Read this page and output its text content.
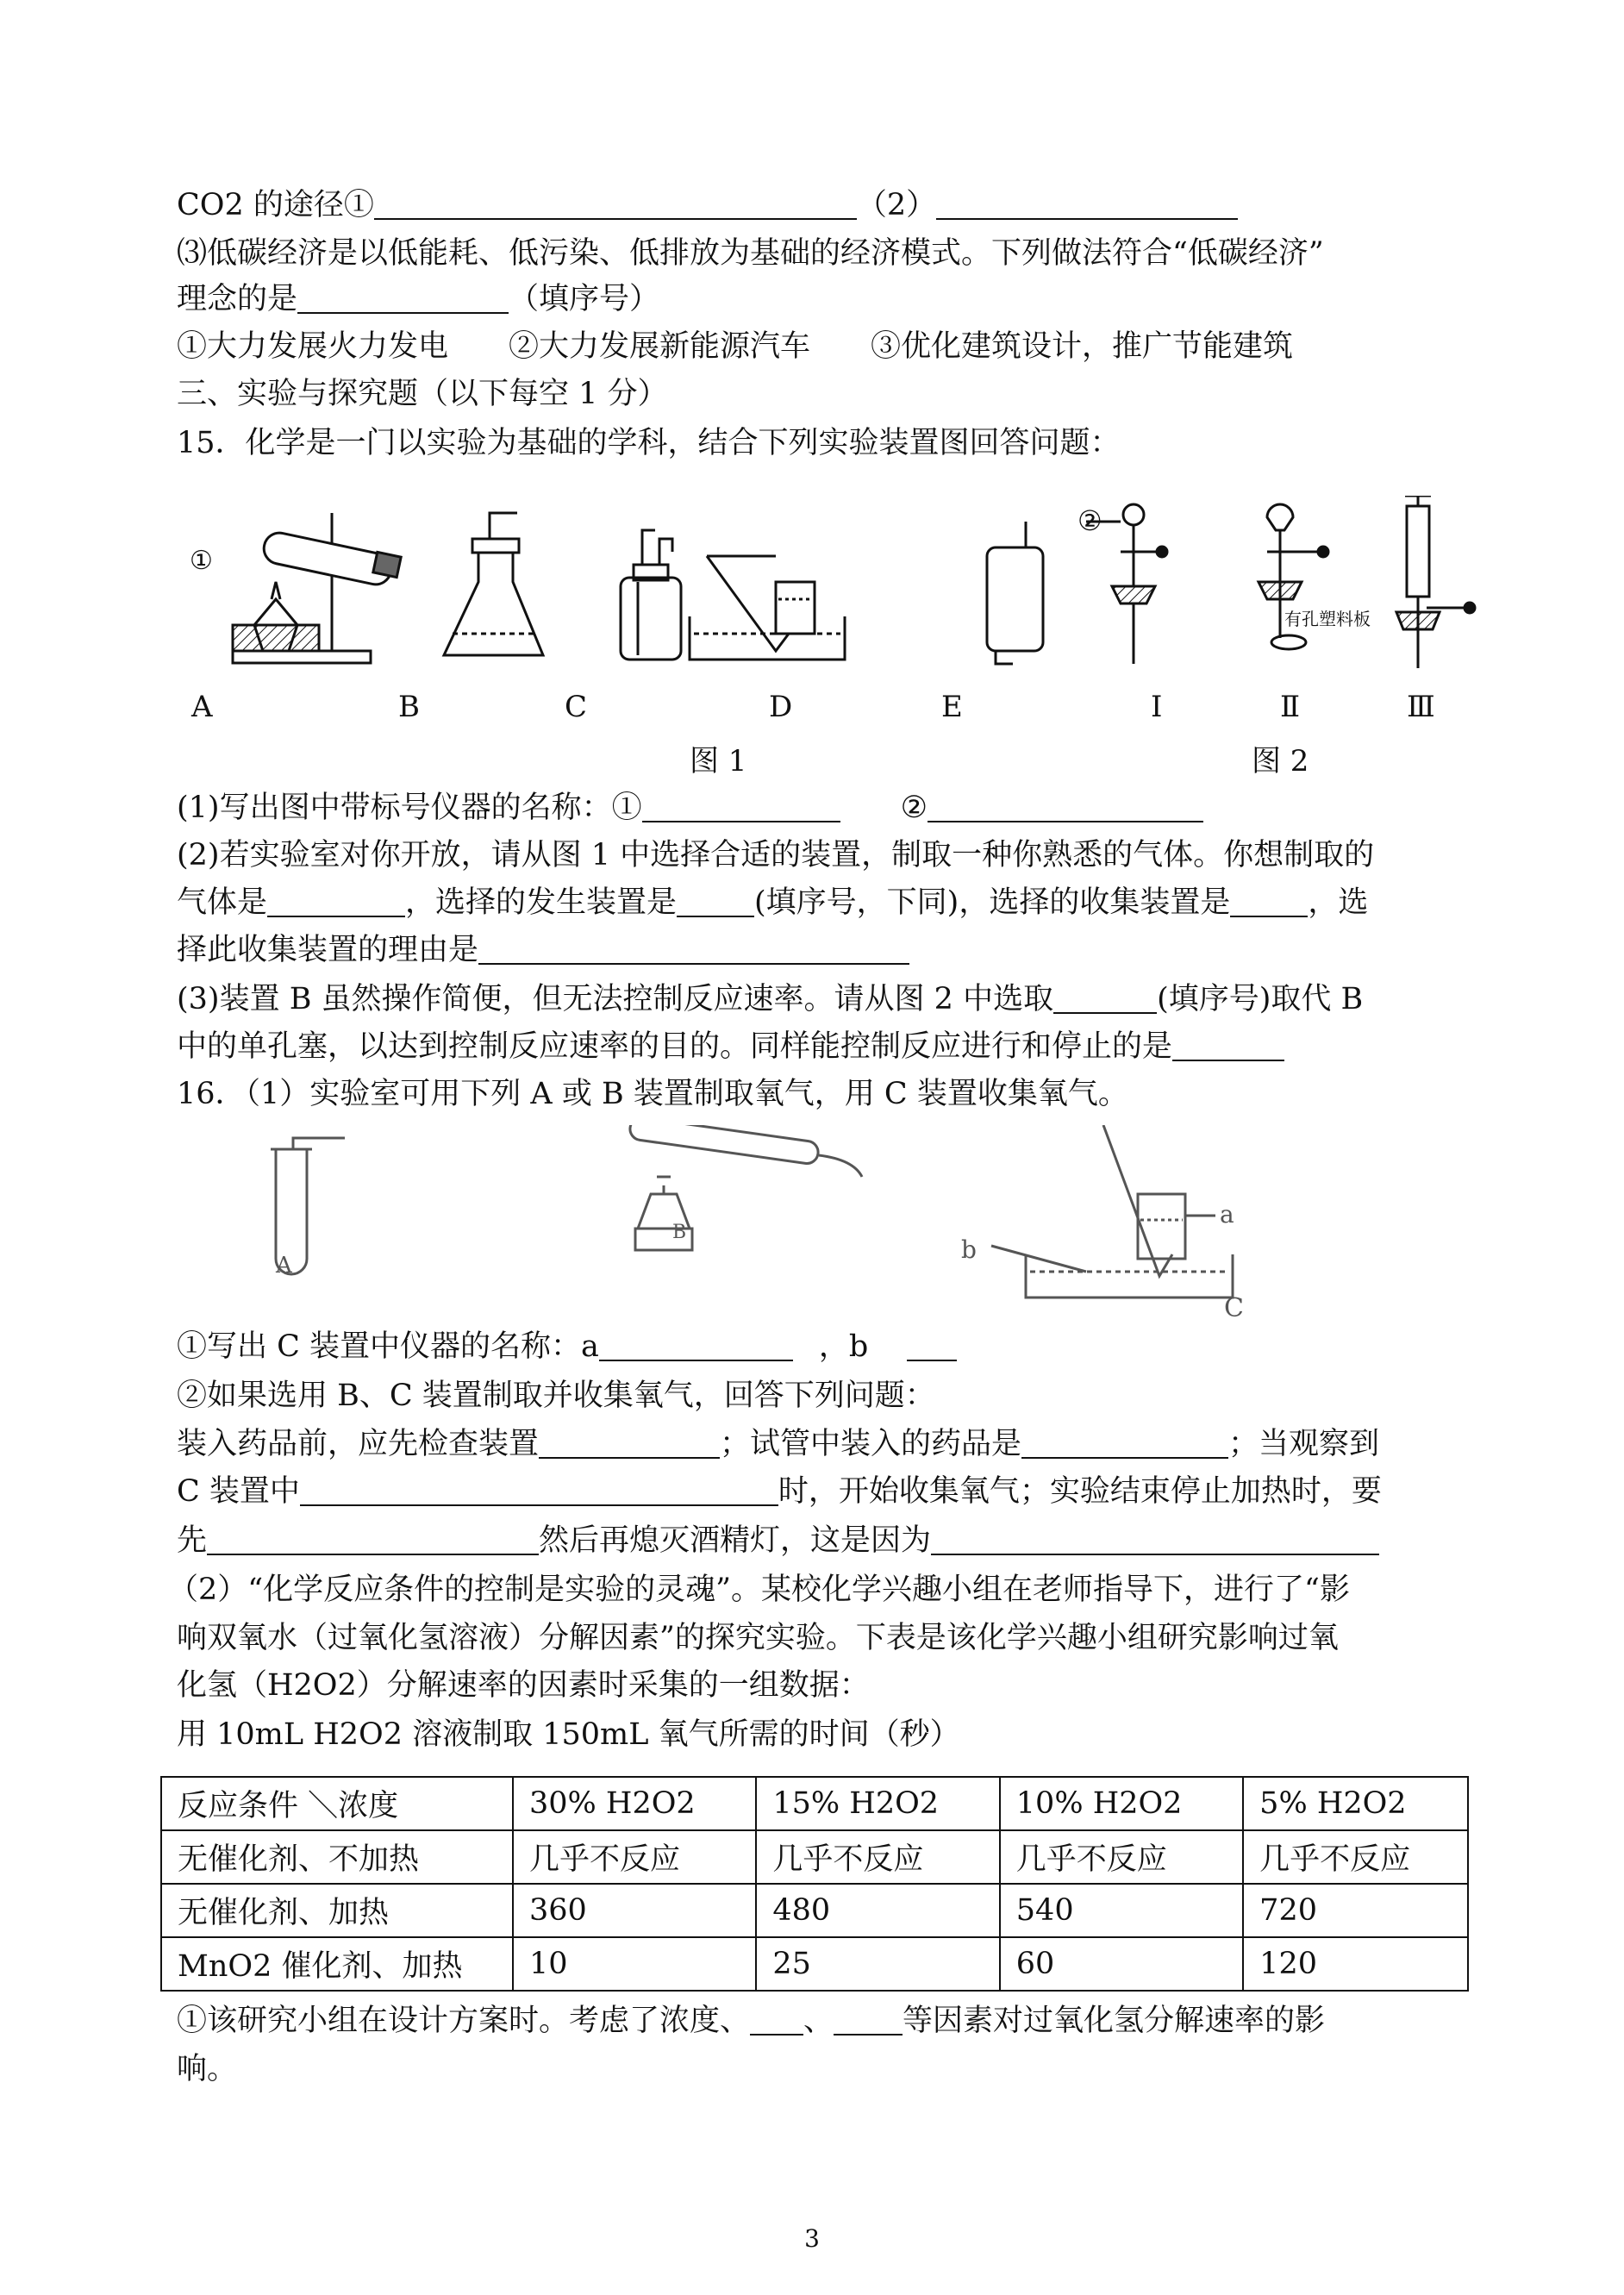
CO2 的途径①	（2）
⑶低碳经济是以低能耗、低污染、低排放为基础的经济模式。下列做法符合“低碳经济”
理念的是	（填序号）
①大力发展火力发电　　②大力发展新能源汽车　　③优化建筑设计，推广节能建筑
三、实验与探究题（以下每空 1 分）
15．化学是一门以实验为基础的学科，结合下列实验装置图回答问题：
①
②
有孔塑料板
A	B	C	D	E	Ⅰ	Ⅱ	Ⅲ
图 1	图 2
(1)写出图中带标号仪器的名称：①	②
(2)若实验室对你开放，请从图 1 中选择合适的装置，制取一种你熟悉的气体。你想制取的
气体是	，选择的发生装置是	(填序号，下同)，选择的收集装置是	，选
择此收集装置的理由是
(3)装置 B 虽然操作简便，但无法控制反应速率。请从图 2 中选取	(填序号)取代 B
中的单孔塞，以达到控制反应速率的目的。同样能控制反应进行和停止的是
16．（1）实验室可用下列 A 或 B 装置制取氧气，用 C 装置收集氧气。
A
B
C
a
b
①写出 C 装置中仪器的名称：a	，b
②如果选用 B、C 装置制取并收集氧气，回答下列问题：
装入药品前，应先检查装置	；试管中装入的药品是	；当观察到
C 装置中	时，开始收集氧气；实验结束停止加热时，要
先	然后再熄灭酒精灯，这是因为
（2）“化学反应条件的控制是实验的灵魂”。某校化学兴趣小组在老师指导下，进行了“影
响双氧水（过氧化氢溶液）分解因素”的探究实验。下表是该化学兴趣小组研究影响过氧
化氢（H2O2）分解速率的因素时采集的一组数据：
用 10mL H2O2 溶液制取 150mL 氧气所需的时间（秒）
反应条件 ＼浓度	30% H2O2	15% H2O2	10% H2O2	5% H2O2
无催化剂、不加热	几乎不反应	几乎不反应	几乎不反应	几乎不反应
无催化剂、加热	360	480	540	720
MnO2 催化剂、加热	10	25	60	120
①该研究小组在设计方案时。考虑了浓度、 、 等因素对过氧化氢分解速率的影
响。
3
